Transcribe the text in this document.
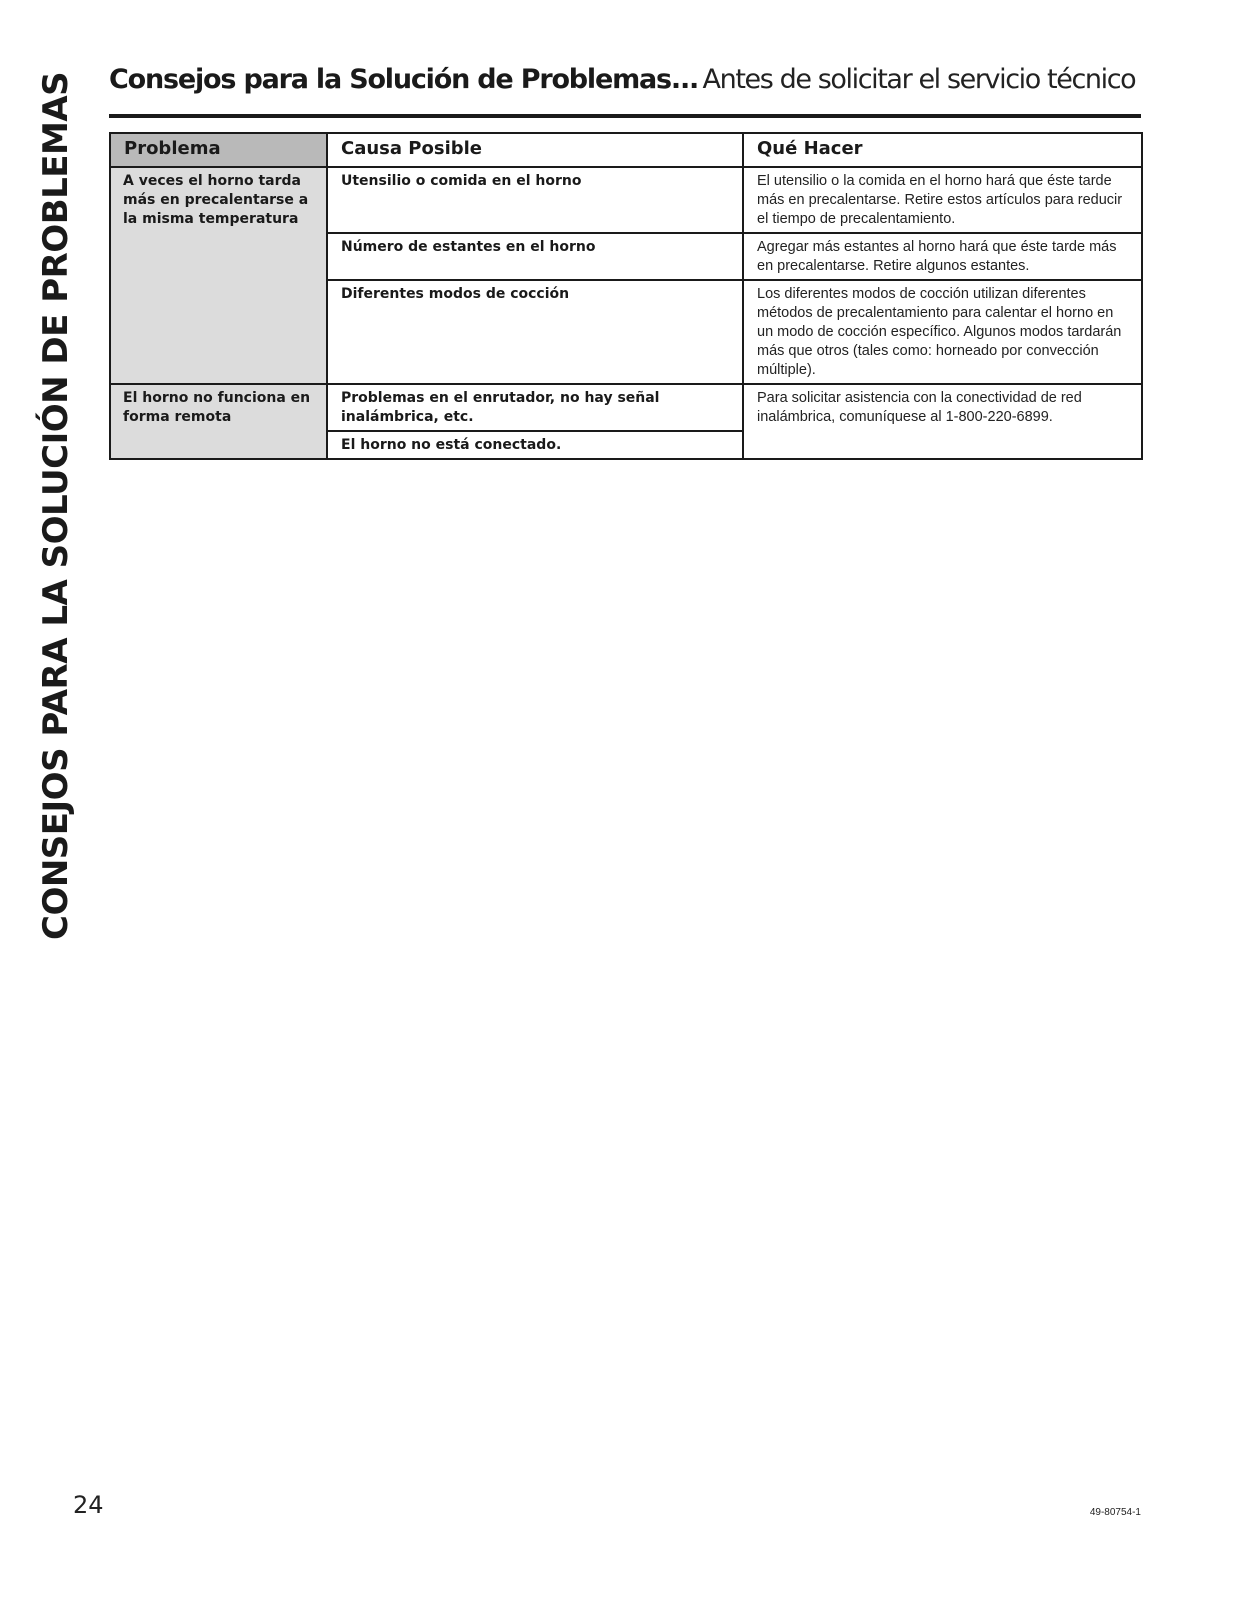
CONSEJOS PARA LA SOLUCIÓN DE PROBLEMAS Consejos para la Solución de Problemas... Antes de solicitar el servicio técnico
Problema	Causa Posible	Qué Hacer
A veces el horno tarda más en precalentarse a la misma temperatura	Utensilio o comida en el horno	El utensilio o la comida en el horno hará que éste tarde más en precalentarse. Retire estos artículos para reducir el tiempo de precalentamiento.
	Número de estantes en el horno	Agregar más estantes al horno hará que éste tarde más en precalentarse. Retire algunos estantes.
	Diferentes modos de cocción	Los diferentes modos de cocción utilizan diferentes métodos de precalentamiento para calentar el horno en un modo de cocción específico. Algunos modos tardarán más que otros (tales como: horneado por convección múltiple).
El horno no funciona en forma remota	Problemas en el enrutador, no hay señal inalámbrica, etc.	Para solicitar asistencia con la conectividad de red inalámbrica, comuníquese al 1-800-220-6899.
	El horno no está conectado.	
24	49-80754-1
